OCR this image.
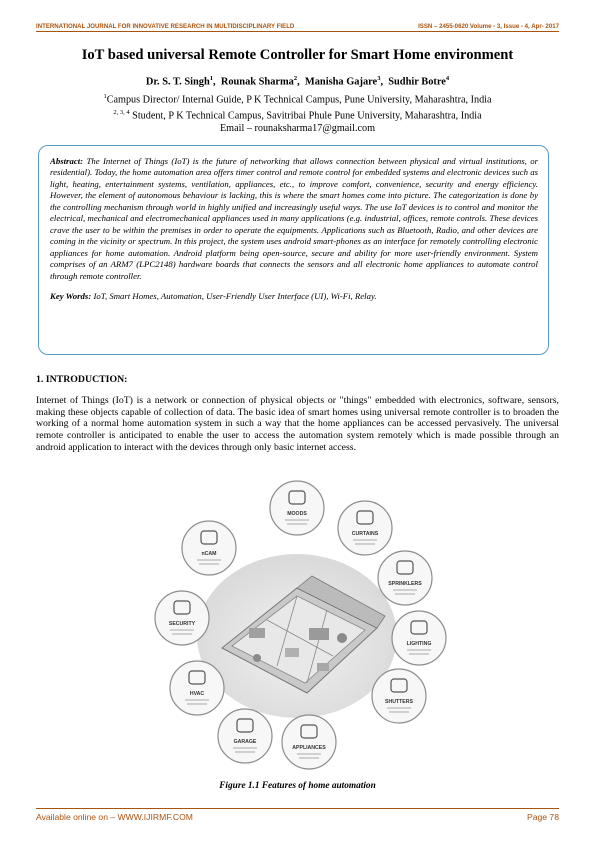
INTERNATIONAL JOURNAL FOR INNOVATIVE RESEARCH IN MULTIDISCIPLINARY FIELD	ISSN – 2455-0620 Volume - 3, Issue - 4, Apr- 2017
IoT based universal Remote Controller for Smart Home environment
Dr. S. T. Singh$^1$,  Rounak Sharma$^2$,  Manisha Gajare$^3$,  Sudhir Botre$^4$
$^1$Campus Director/ Internal Guide, P K Technical Campus, Pune University, Maharashtra, India
$^{2, 3, 4}$ Student, P K Technical Campus, Savitribai Phule Pune University, Maharashtra, India
Email – rounaksharma17@gmail.com
Abstract: The Internet of Things (IoT) is the future of networking that allows connection between physical and virtual institutions, or residential). Today, the home automation area offers timer control and remote control for embedded systems and electronic devices such as light, heating, entertainment systems, ventilation, appliances, etc., to improve comfort, convenience, security and energy efficiency. However, the element of autonomous behaviour is lacking, this is where the smart homes come into picture. The categorization is done by the controlling mechanism through world in highly unified and increasingly useful ways. The use IoT devices is to control and monitor the electrical, mechanical and electromechanical appliances used in many applications (e.g. industrial, offices, remote controls. These devices crave the user to be within the premises in order to operate the equipments. Applications such as Bluetooth, Radio, and other devices are coming in the vicinity or spectrum. In this project, the system uses android smart-phones as an interface for remotely controlling electronic appliances for home automation. Android platform being open-source, secure and ability for more user-friendly environment. System comprises of an ARM7 (LPC2148) hardware boards that connects the sensors and all electronic home appliances to automate control through remote controller.
Key Words: IoT, Smart Homes, Automation, User-Friendly User Interface (UI), Wi-Fi, Relay.
1. INTRODUCTION:
Internet of Things (IoT) is a network or connection of physical objects or "things" embedded with electronics, software, sensors, making these objects capable of collection of data. The basic idea of smart homes using universal remote controller is to broaden the working of a normal home automation system in such a way that the home appliances can be accessed pervasively. The universal remote controller is anticipated to enable the user to access the automation system remotely which is made possible through an android application to interact with the devices through only basic internet access.
MOODS
CURTAINS
SPRINKLERS
LIGHTING
SHUTTERS
APPLIANCES
GARAGE
HVAC
SECURITY
nCAM
Figure 1.1 Features of home automation
Available online on – WWW.IJIRMF.COM	Page 78
